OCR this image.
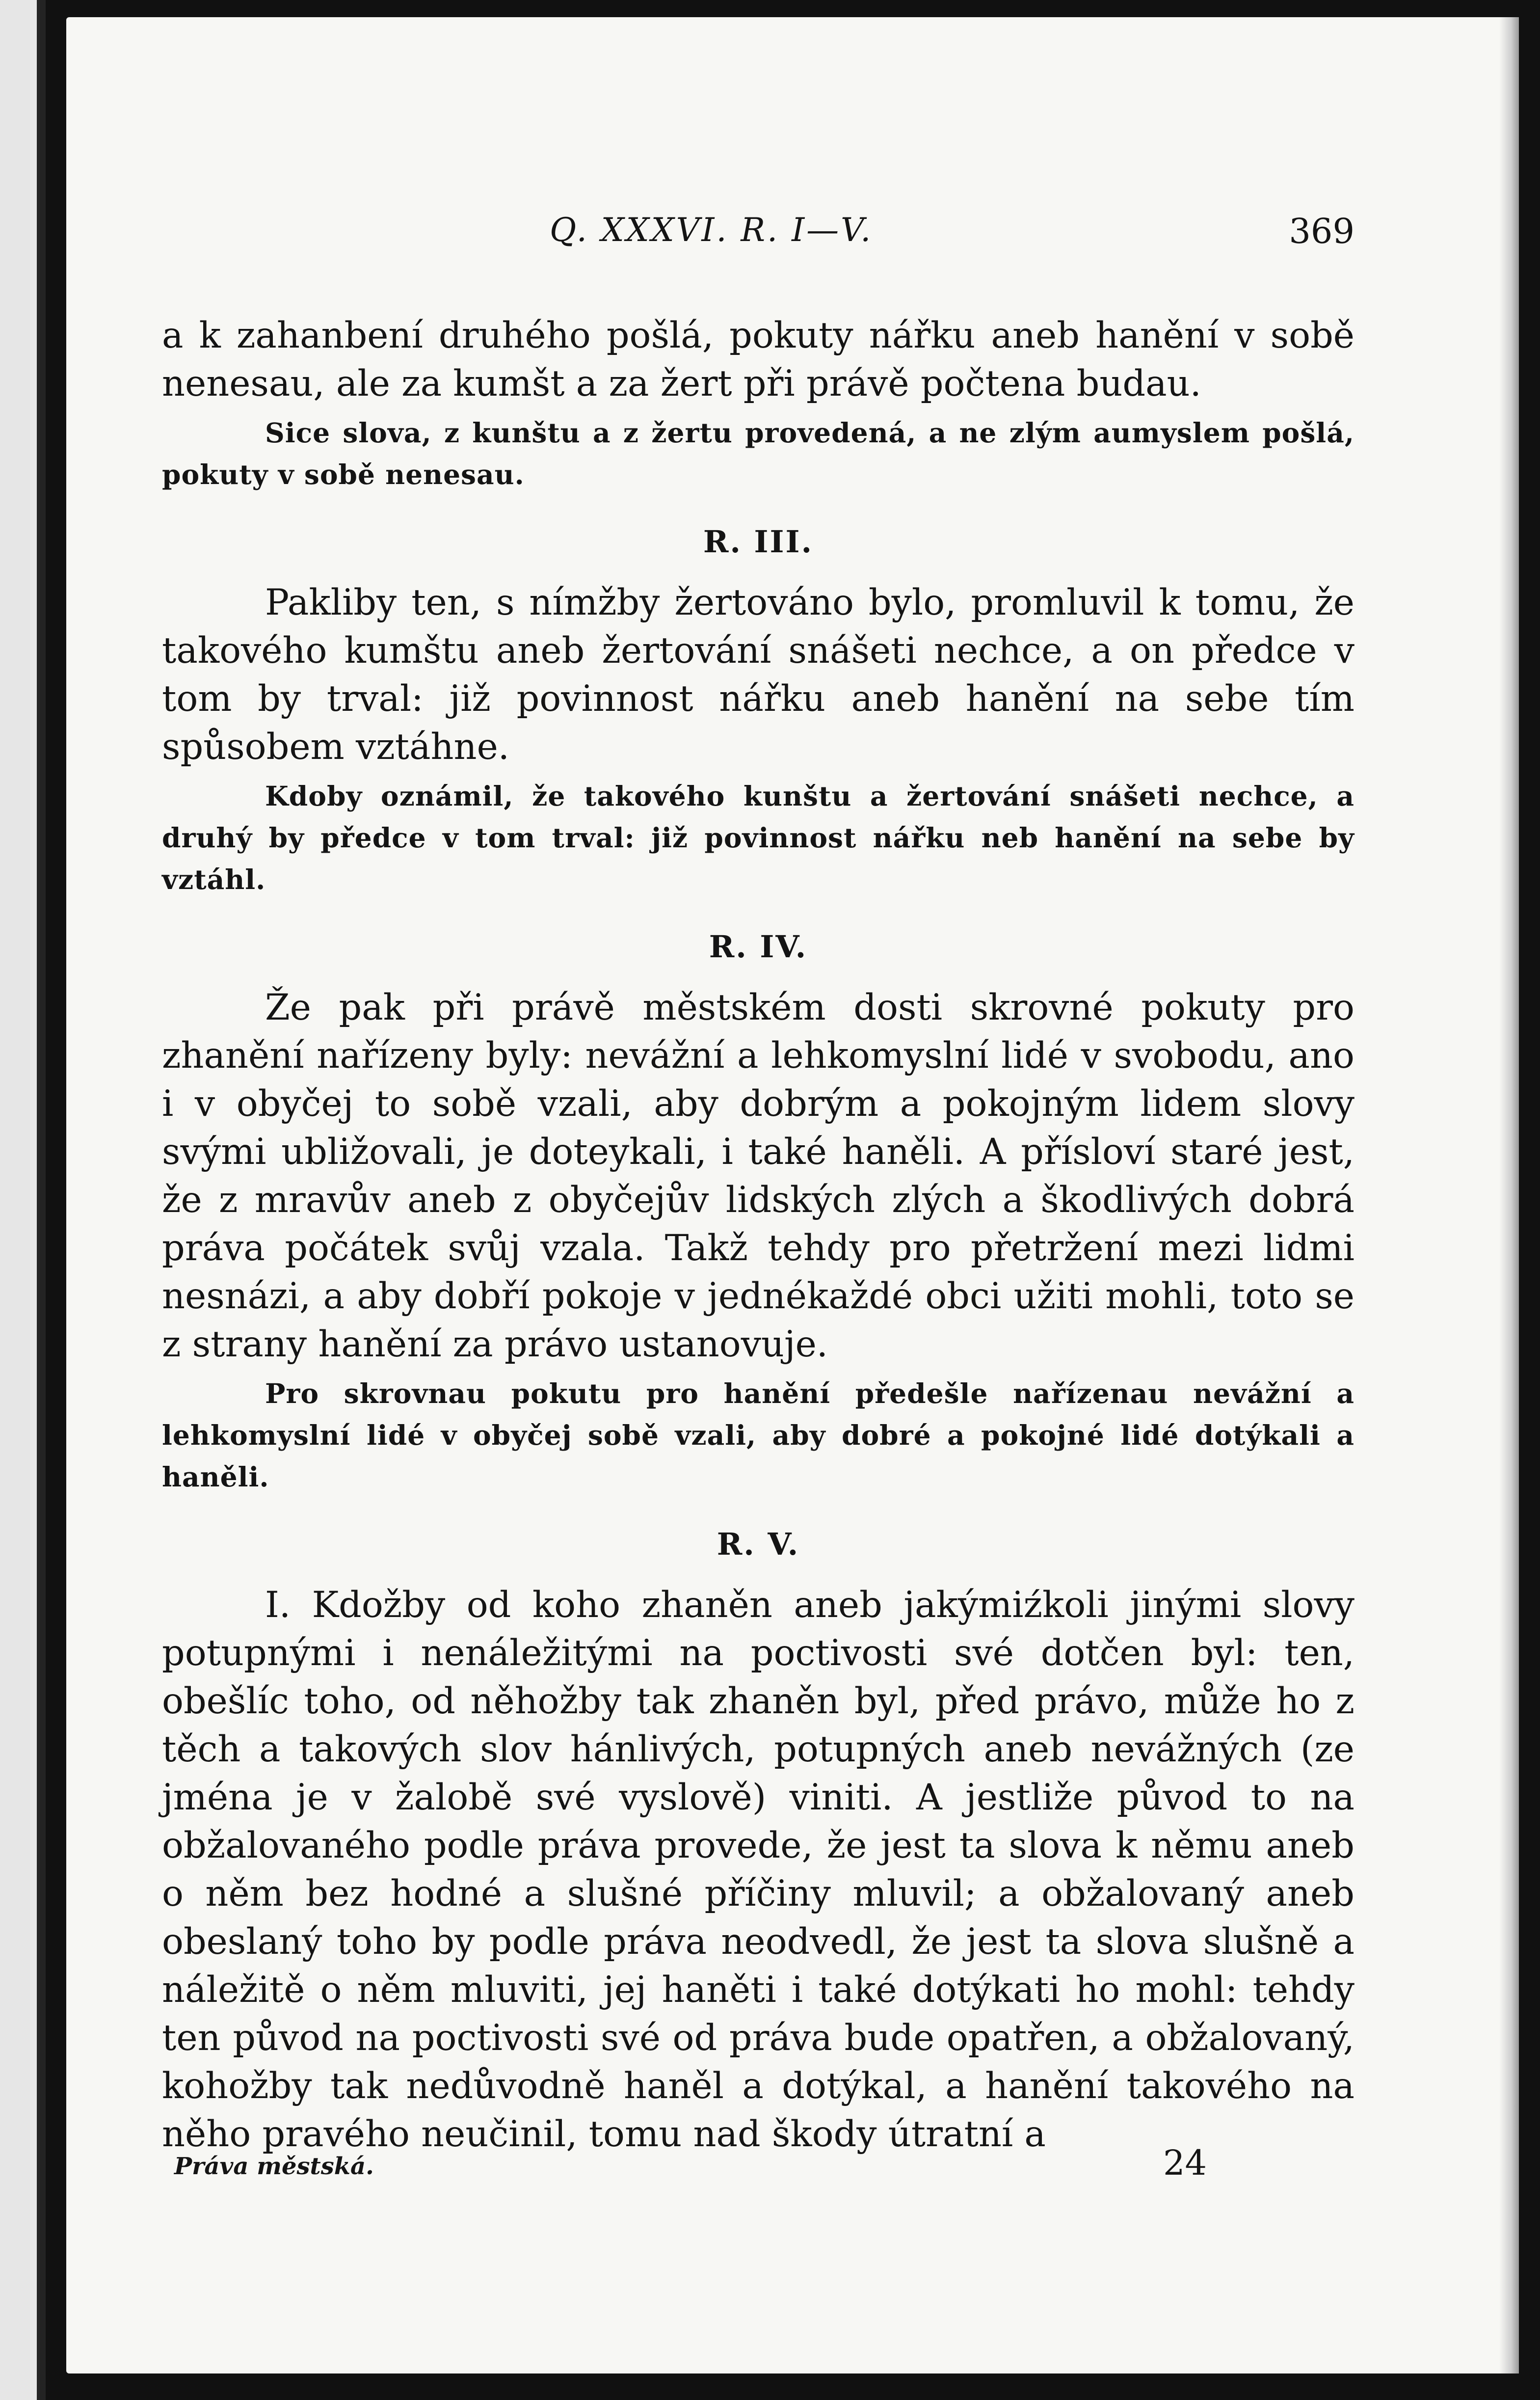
Q. XXXVI. R. I—V.	369

a k zahanbení druhého pošlá, pokuty nářku aneb hanění v sobě nenesau, ale za kumšt a za žert při právě počtena budau.

Sice slova, z kunštu a z žertu provedená, a ne zlým aumyslem pošlá, pokuty v sobě nenesau.

R. III.

Pakliby ten, s nímžby žertováno bylo, promluvil k tomu, že takového kumštu aneb žertování snášeti nechce, a on předce v tom by trval: již povinnost nářku aneb hanění na sebe tím spůsobem vztáhne.

Kdoby oznámil, že takového kunštu a žertování snášeti nechce, a druhý by předce v tom trval: již povinnost nářku neb hanění na sebe by vztáhl.

R. IV.

Že pak při právě městském dosti skrovné pokuty pro zhanění nařízeny byly: nevážní a lehkomyslní lidé v svobodu, ano i v obyčej to sobě vzali, aby dobrým a pokojným lidem slovy svými ubližovali, je doteykali, i také haněli. A přísloví staré jest, že z mravův aneb z obyčejův lidských zlých a škodlivých dobrá práva počátek svůj vzala. Takž tehdy pro přetržení mezi lidmi nesnázi, a aby dobří pokoje v jednékaždé obci užiti mohli, toto se z strany hanění za právo ustanovuje.

Pro skrovnau pokutu pro hanění předešle nařízenau nevážní a lehkomyslní lidé v obyčej sobě vzali, aby dobré a pokojné lidé dotýkali a haněli.

R. V.

I. Kdožby od koho zhaněn aneb jakýmiźkoli jinými slovy potupnými i nenáležitými na poctivosti své dotčen byl: ten, obešlíc toho, od něhožby tak zhaněn byl, před právo, může ho z těch a takových slov hánlivých, potupných aneb nevážných (ze jména je v žalobě své vyslově) viniti. A jestliže původ to na obžalovaného podle práva provede, že jest ta slova k němu aneb o něm bez hodné a slušné příčiny mluvil; a obžalovaný aneb obeslaný toho by podle práva neodvedl, že jest ta slova slušně a náležitě o něm mluviti, jej haněti i také dotýkati ho mohl: tehdy ten původ na poctivosti své od práva bude opatřen, a obžalovaný, kohožby tak nedůvodně haněl a dotýkal, a hanění takového na něho pravého neučinil, tomu nad škody útratní a

Práva městská.	24
